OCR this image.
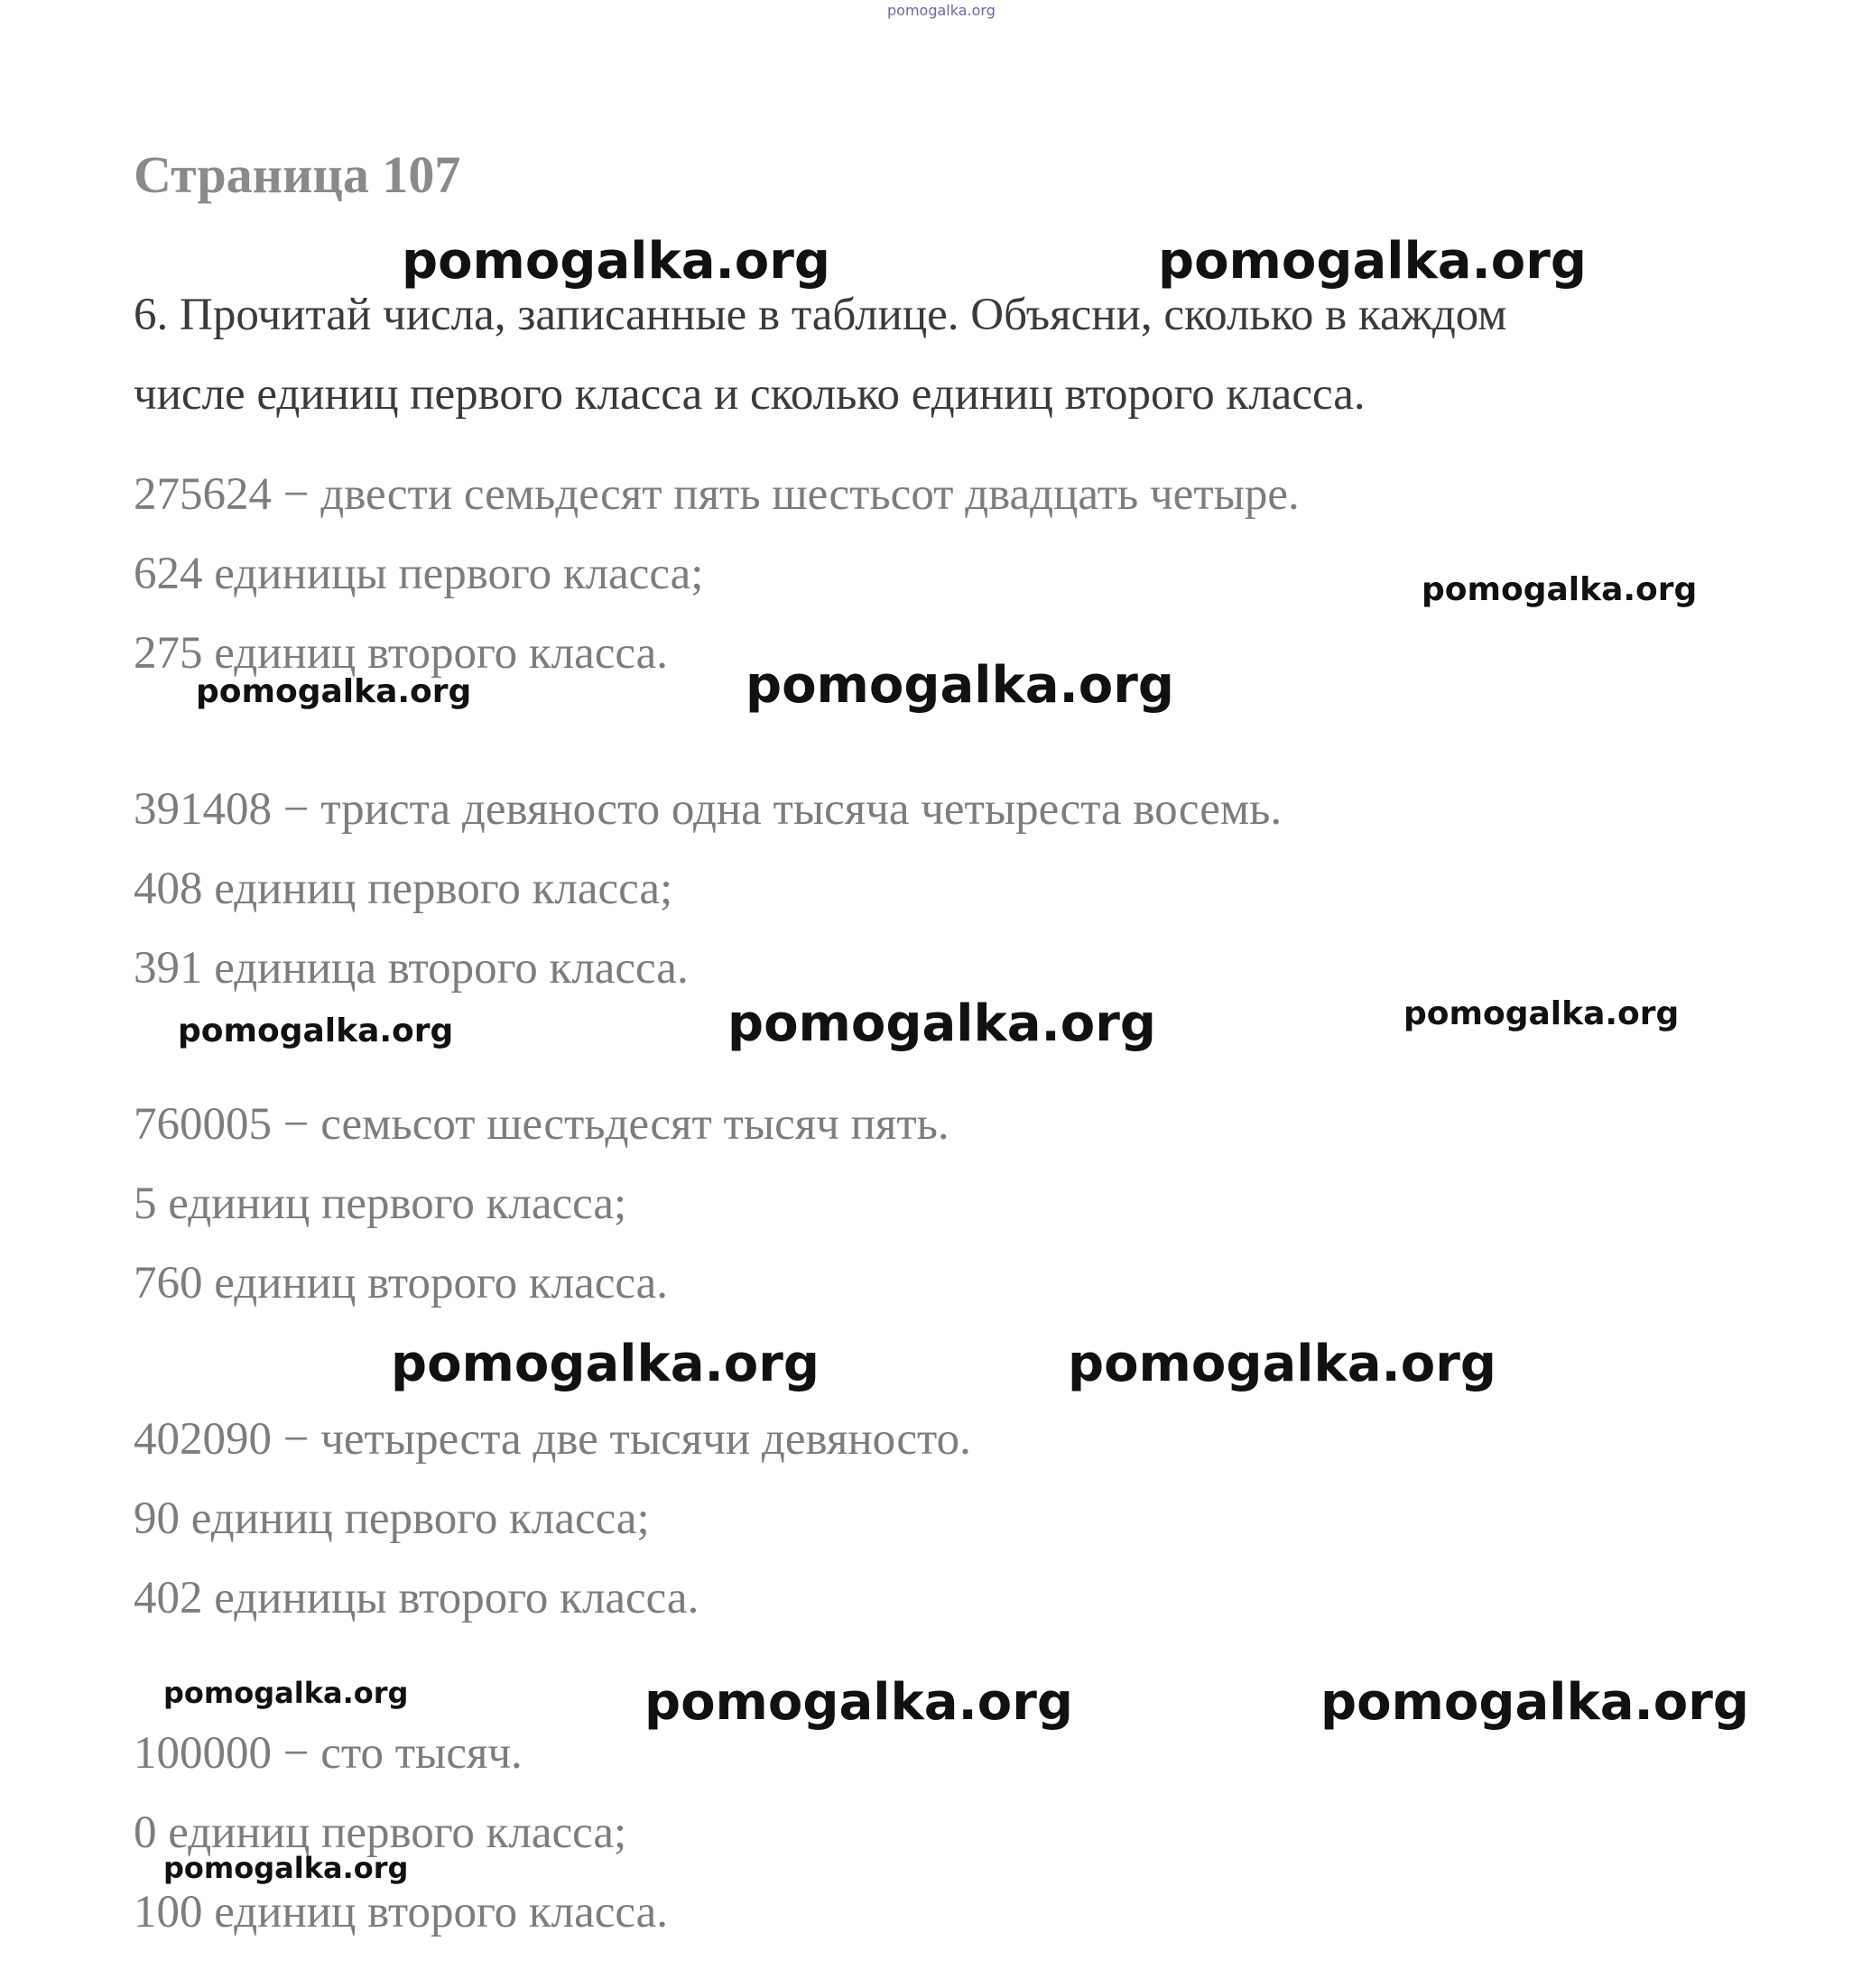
pomogalka.org
Страница 107

6. Прочитай числа, записанные в таблице. Объясни, сколько в каждом

числе единиц первого класса и сколько единиц второго класса.

275624 − двести семьдесят пять шестьсот двадцать четыре.

624 единицы первого класса;

275 единиц второго класса.

391408 − триста девяносто одна тысяча четыреста восемь.

408 единиц первого класса;

391 единица второго класса.

760005 − семьсот шестьдесят тысяч пять.

5 единиц первого класса;

760 единиц второго класса.

402090 − четыреста две тысячи девяносто.

90 единиц первого класса;

402 единицы второго класса.

100000 − сто тысяч.

0 единиц первого класса;

100 единиц второго класса.

pomogalka.org	pomogalka.org
pomogalka.org
pomogalka.org	pomogalka.org
pomogalka.org	pomogalka.org	pomogalka.org
pomogalka.org	pomogalka.org
pomogalka.org	pomogalka.org	pomogalka.org
pomogalka.org
